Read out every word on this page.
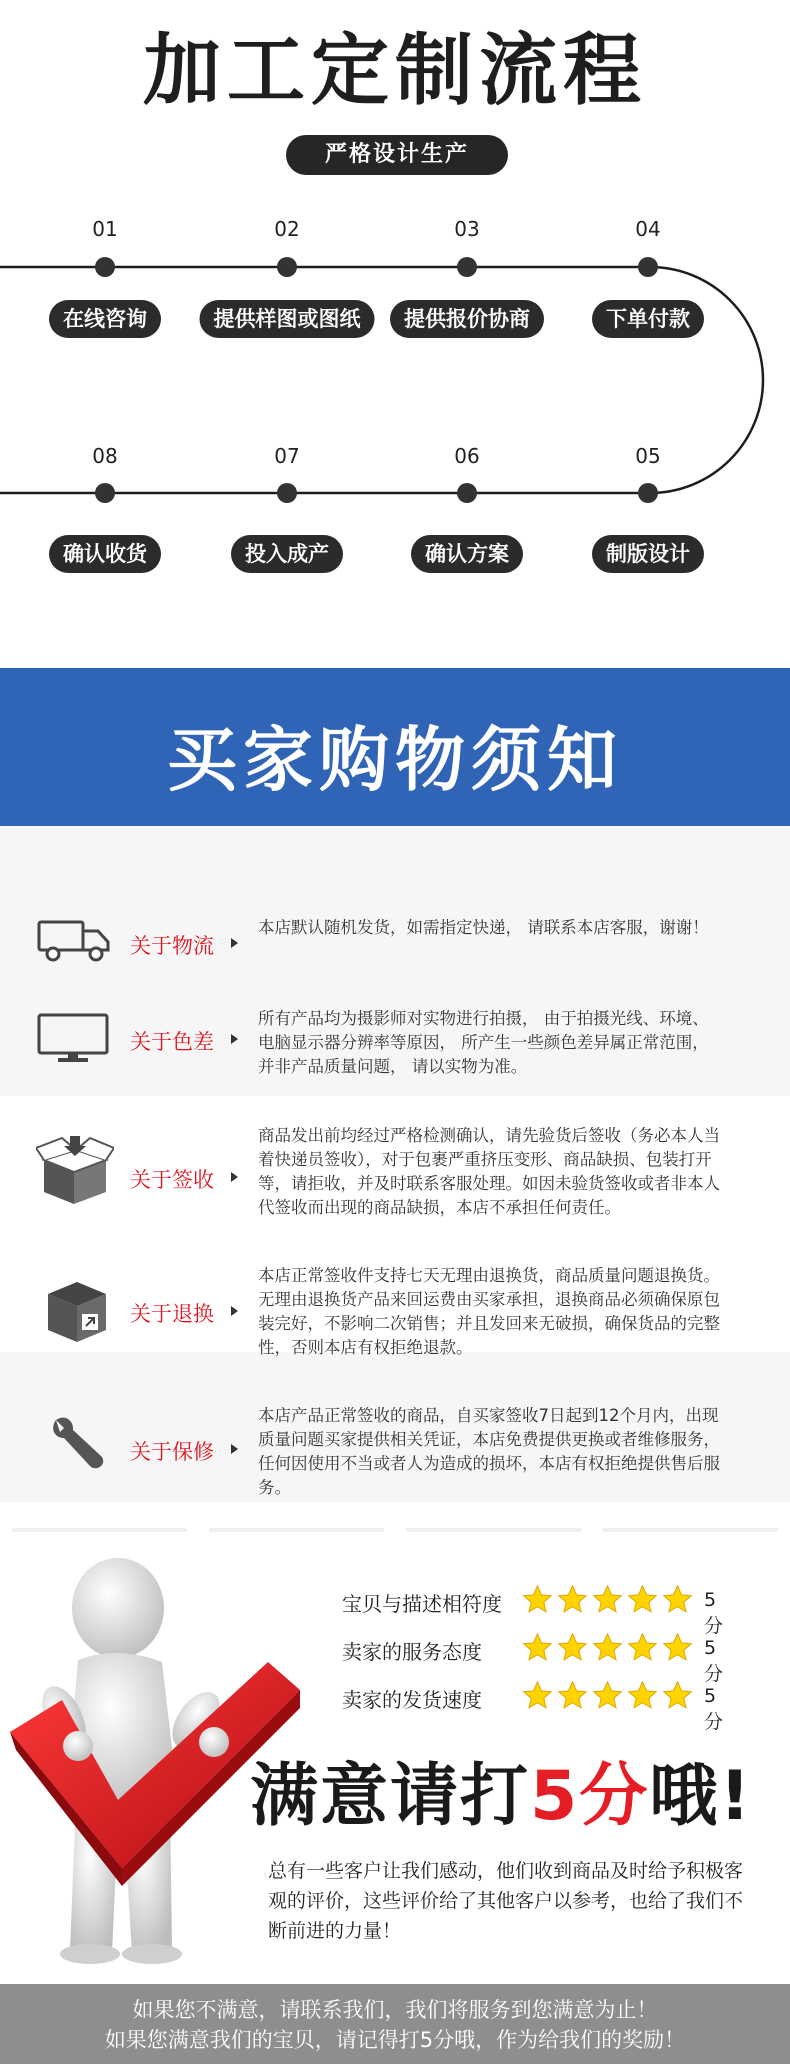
加工定制流程
严格设计生产
01	02	03	04
在线咨询	提供样图或图纸	提供报价协商	下单付款
08	07	06	05
确认收货	投入成产	确认方案	制版设计
买家购物须知
关于物流
本店默认随机发货，如需指定快递， 请联系本店客服，谢谢！
关于色差
所有产品均为摄影师对实物进行拍摄， 由于拍摄光线、环境、 电脑显示器分辨率等原因， 所产生一些颜色差异属正常范围， 并非产品质量问题， 请以实物为准。
关于签收
商品发出前均经过严格检测确认，请先验货后签收（务必本人当着快递员签收），对于包裹严重挤压变形、商品缺损、包装打开等，请拒收，并及时联系客服处理。如因未验货签收或者非本人代签收而出现的商品缺损，本店不承担任何责任。
关于退换
本店正常签收件支持七天无理由退换货，商品质量问题退换货。无理由退换货产品来回运费由买家承担，退换商品必须确保原包装完好，不影响二次销售；并且发回来无破损，确保货品的完整性，否则本店有权拒绝退款。
关于保修
本店产品正常签收的商品，自买家签收7日起到12个月内，出现质量问题买家提供相关凭证，本店免费提供更换或者维修服务，任何因使用不当或者人为造成的损坏，本店有权拒绝提供售后服务。
宝贝与描述相符度	5分
卖家的服务态度	5分
卖家的发货速度	5分
满意请打5分哦!
总有一些客户让我们感动，他们收到商品及时给予积极客观的评价，这些评价给了其他客户以参考，也给了我们不断前进的力量！

如果您不满意，请联系我们，我们将服务到您满意为止！

如果您满意我们的宝贝，请记得打5分哦，作为给我们的奖励！
